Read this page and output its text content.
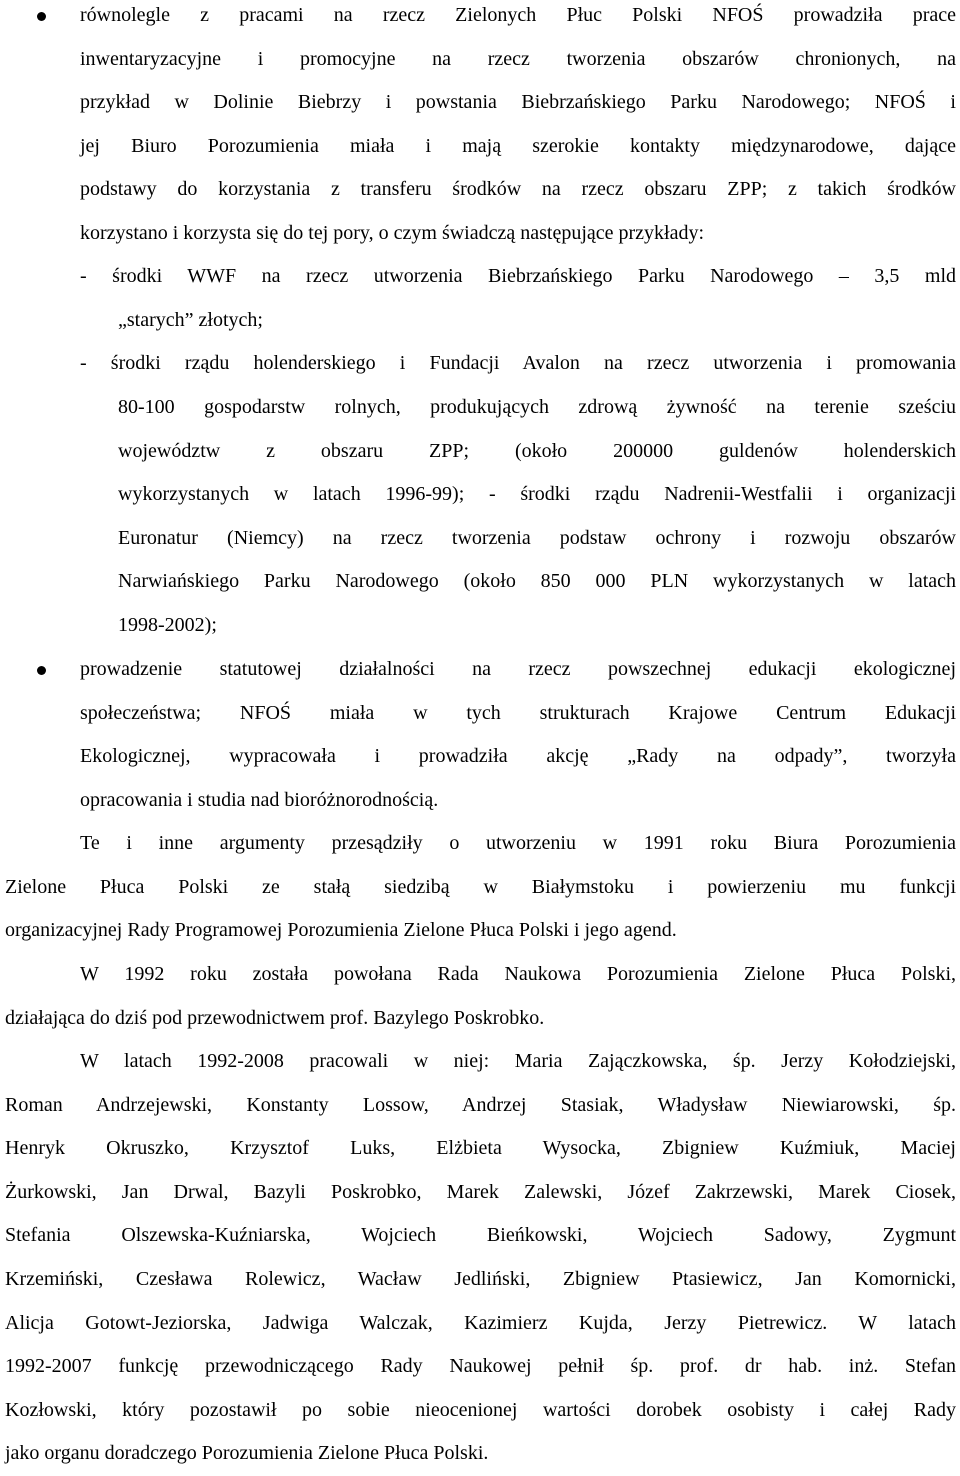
równolegle z pracami na rzecz Zielonych Płuc Polski NFOŚ prowadziła prace
inwentaryzacyjne i promocyjne na rzecz tworzenia obszarów chronionych, na
przykład w Dolinie Biebrzy i powstania Biebrzańskiego Parku Narodowego; NFOŚ i
jej Biuro Porozumienia miała i mają szerokie kontakty międzynarodowe, dające
podstawy do korzystania z transferu środków na rzecz obszaru ZPP; z takich środków
korzystano i korzysta się do tej pory, o czym świadczą następujące przykłady:
- środki WWF na rzecz utworzenia Biebrzańskiego Parku Narodowego – 3,5 mld
„starych” złotych;
- środki rządu holenderskiego i Fundacji Avalon na rzecz utworzenia i promowania
80-100 gospodarstw rolnych, produkujących zdrową żywność na terenie sześciu
województw z obszaru ZPP; (około 200000 guldenów holenderskich
wykorzystanych w latach 1996-99); - środki rządu Nadrenii-Westfalii i organizacji
Euronatur (Niemcy) na rzecz tworzenia podstaw ochrony i rozwoju obszarów
Narwiańskiego Parku Narodowego (około 850 000 PLN wykorzystanych w latach
1998-2002);
prowadzenie statutowej działalności na rzecz powszechnej edukacji ekologicznej
społeczeństwa; NFOŚ miała w tych strukturach Krajowe Centrum Edukacji
Ekologicznej, wypracowała i prowadziła akcję „Rady na odpady”, tworzyła
opracowania i studia nad bioróżnorodnością.
Te i inne argumenty przesądziły o utworzeniu w 1991 roku Biura Porozumienia
Zielone Płuca Polski ze stałą siedzibą w Białymstoku i powierzeniu mu funkcji
organizacyjnej Rady Programowej Porozumienia Zielone Płuca Polski i jego agend.
W 1992 roku została powołana Rada Naukowa Porozumienia Zielone Płuca Polski,
działająca do dziś pod przewodnictwem prof. Bazylego Poskrobko.
W latach 1992-2008 pracowali w niej: Maria Zajączkowska, śp. Jerzy Kołodziejski,
Roman Andrzejewski, Konstanty Lossow, Andrzej Stasiak, Władysław Niewiarowski, śp.
Henryk Okruszko, Krzysztof Luks, Elżbieta Wysocka, Zbigniew Kuźmiuk, Maciej
Żurkowski, Jan Drwal, Bazyli Poskrobko, Marek Zalewski, Józef Zakrzewski, Marek Ciosek,
Stefania Olszewska-Kuźniarska, Wojciech Bieńkowski, Wojciech Sadowy, Zygmunt
Krzemiński, Czesława Rolewicz, Wacław Jedliński, Zbigniew Ptasiewicz, Jan Komornicki,
Alicja Gotowt-Jeziorska, Jadwiga Walczak, Kazimierz Kujda, Jerzy Pietrewicz. W latach
1992-2007 funkcję przewodniczącego Rady Naukowej pełnił śp. prof. dr hab. inż. Stefan
Kozłowski, który pozostawił po sobie nieocenionej wartości dorobek osobisty i całej Rady
jako organu doradczego Porozumienia Zielone Płuca Polski.
